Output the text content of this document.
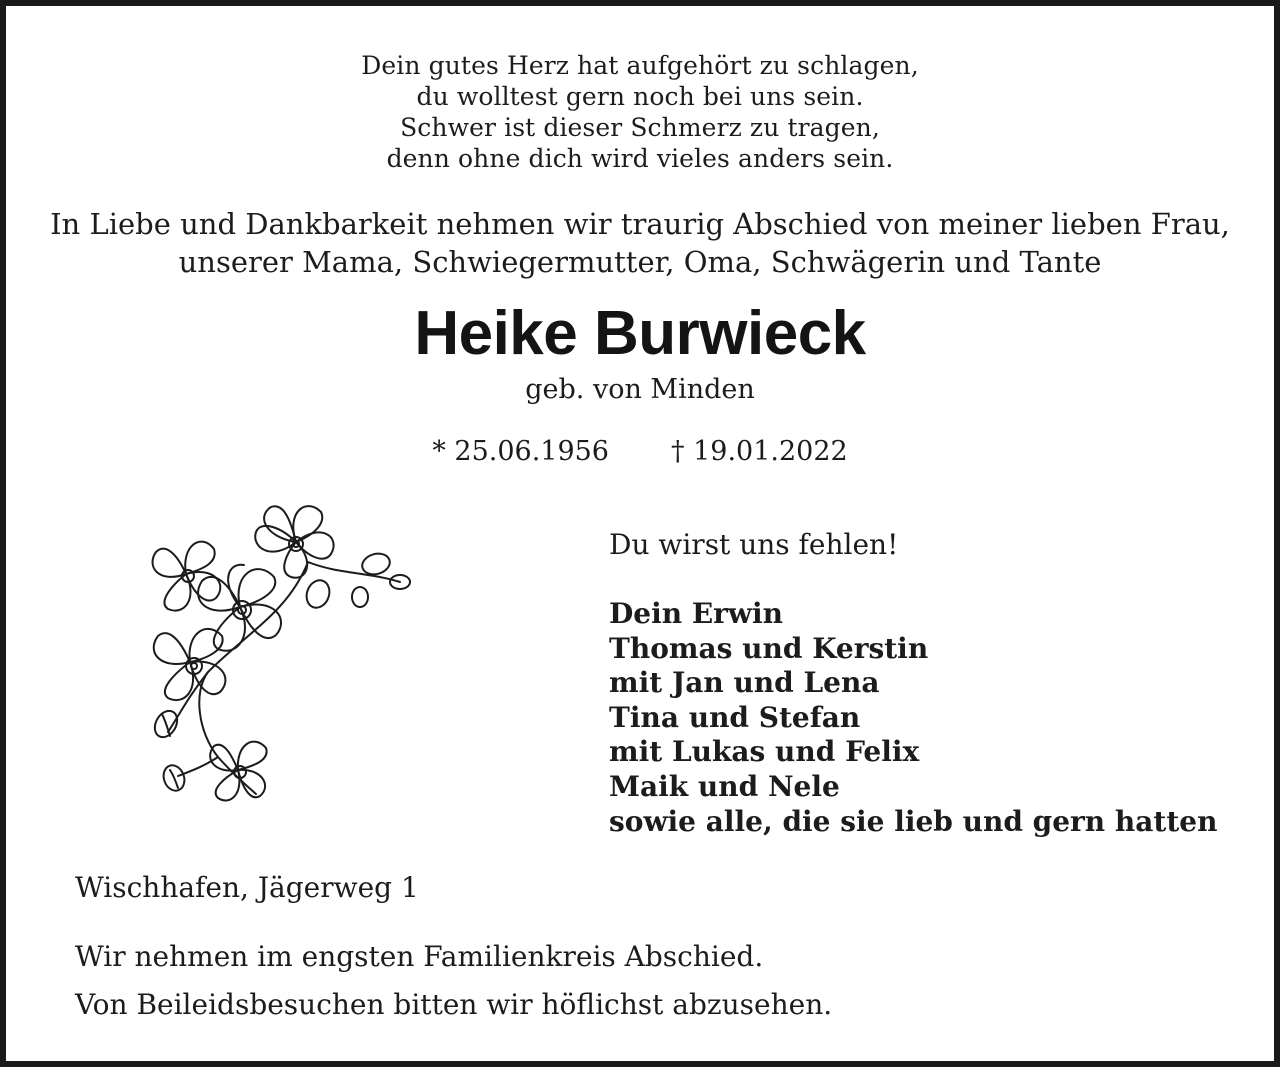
Dein gutes Herz hat aufgehört zu schlagen,
du wolltest gern noch bei uns sein.
Schwer ist dieser Schmerz zu tragen,
denn ohne dich wird vieles anders sein.
In Liebe und Dankbarkeit nehmen wir traurig Abschied von meiner lieben Frau,
unserer Mama, Schwiegermutter, Oma, Schwägerin und Tante
Heike Burwieck
geb. von Minden
* 25.06.1956 † 19.01.2022
Du wirst uns fehlen!
Dein Erwin
Thomas und Kerstin
mit Jan und Lena
Tina und Stefan
mit Lukas und Felix
Maik und Nele
sowie alle, die sie lieb und gern hatten
Wischhafen, Jägerweg 1
Wir nehmen im engsten Familienkreis Abschied.
Von Beileidsbesuchen bitten wir höflichst abzusehen.
